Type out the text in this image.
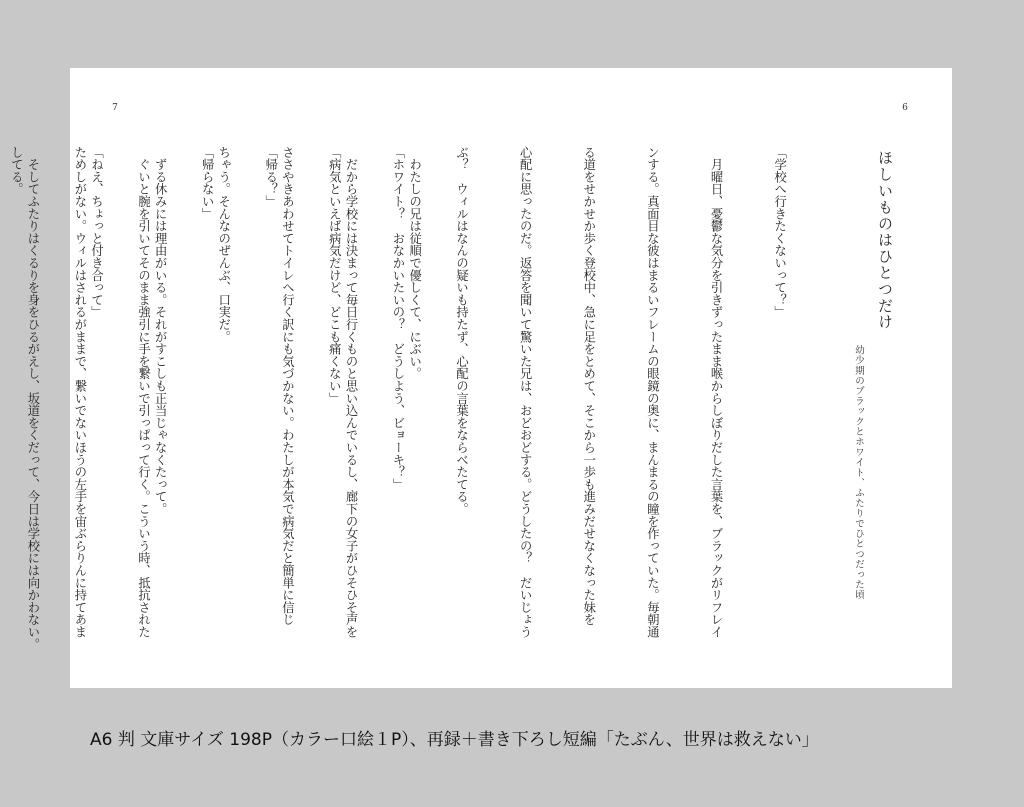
7	6
ほしいものはひとつだけ
幼少期のブラックとホワイト、ふたりでひとつだった頃

「学校へ行きたくないって？」

　月曜日、憂鬱な気分を引きずったまま喉からしぼりだした言葉を、ブラックがリフレイ

ンする。真面目な彼はまるいフレームの眼鏡の奥に、まんまるの瞳を作っていた。毎朝通

る道をせかせか歩く登校中、急に足をとめて、そこから一歩も進みだせなくなった妹を

心配に思ったのだ。返答を聞いて驚いた兄は、おどおどする。どうしたの？　だいじょう

ぶ？　ウィルはなんの疑いも持たず、心配の言葉をならべたてる。

「ホワイト？　おなかいたいの？　どうしよう、ビョーキ？」

「病気といえば病気だけど、どこも痛くない」

「帰る？」

「帰らない」

　ぐいと腕を引いてそのまま強引に手を繋いで引っぱって行く。こういう時、抵抗された

ためしがない。ウィルはされるがままで、繋いでないほうの左手を宙ぶらりんに持てあま

してる。

	　わたしの兄は従順で優しくて、にぶい。

　だから学校には決まって毎日行くものと思い込んでいるし、廊下の女子がひそひそ声を

ささやきあわせてトイレへ行く訳にも気づかない。わたしが本気で病気だと簡単に信じ

ちゃう。そんなのぜんぶ、口実だ。

　ずる休みには理由がいる。それがすこしも正当じゃなくたって。

「ねえ、ちょっと付き合って」

　そしてふたりはくるりを身をひるがえし、坂道をくだって、今日は学校には向かわない。

A6 判 文庫サイズ 198P（カラー口絵１P）、再録＋書き下ろし短編「たぶん、世界は救えない」
